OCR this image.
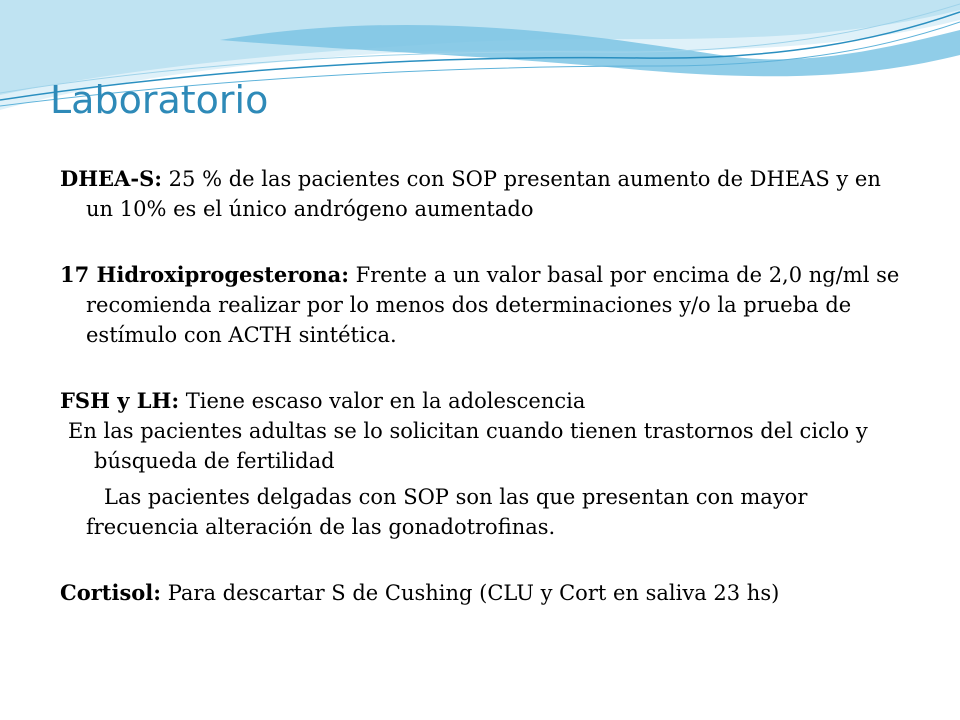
Laboratorio

DHEA-S: 25 % de las pacientes con SOP presentan aumento de DHEAS y en un 10% es el único andrógeno aumentado

17 Hidroxiprogesterona: Frente a un valor basal por encima de 2,0 ng/ml se recomienda realizar por lo menos dos determinaciones y/o la prueba de estímulo con ACTH sintética.

FSH y LH: Tiene escaso valor en la adolescencia

En las pacientes adultas se lo solicitan cuando tienen trastornos del ciclo y búsqueda de fertilidad

Las pacientes delgadas con SOP son las que presentan con mayor frecuencia alteración de las gonadotrofinas.

Cortisol: Para descartar S de Cushing (CLU y Cort en saliva 23 hs)
